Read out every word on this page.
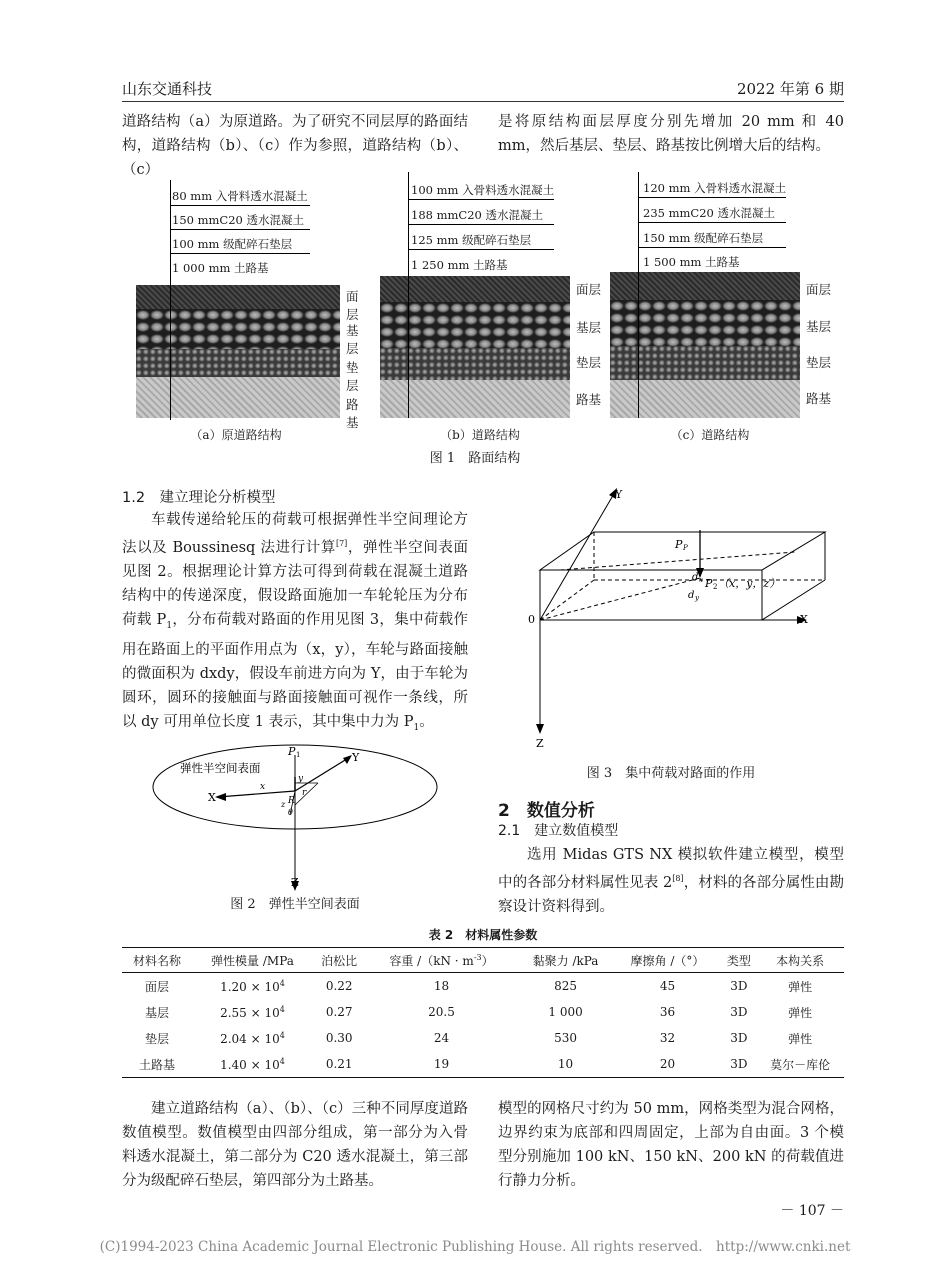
山东交通科技	2022 年第 6 期
道路结构（a）为原道路。为了研究不同层厚的路面结构，道路结构（b）、（c）作为参照，道路结构（b）、（c）
是将原结构面层厚度分别先增加 20 mm 和 40 mm，然后基层、垫层、路基按比例增大后的结构。
80 mm 入骨料透水混凝土
150 mmC20 透水混凝土
100 mm 级配碎石垫层
1 000 mm 土路基
面层
基层
垫层
路基
（a）原道路结构
100 mm 入骨料透水混凝土
188 mmC20 透水混凝土
125 mm 级配碎石垫层
1 250 mm 土路基
面层
基层
垫层
路基
（b）道路结构
120 mm 入骨料透水混凝土
235 mmC20 透水混凝土
150 mm 级配碎石垫层
1 500 mm 土路基
面层
基层
垫层
路基
（c）道路结构
图 1　路面结构
1.2　建立理论分析模型
车载传递给轮压的荷载可根据弹性半空间理论方法以及 Boussinesq 法进行计算[7]，弹性半空间表面见图 2。根据理论计算方法可得到荷载在混凝土道路结构中的传递深度，假设路面施加一车轮轮压为分布荷载 $P_1$，分布荷载对路面的作用见图 3，集中荷载作用在路面上的平面作用点为（x，y），车轮与路面接触的微面积为 dxdy，假设车前进方向为 Y，由于车轮为圆环，圆环的接触面与路面接触面可视作一条线，所以 dy 可用单位长度 1 表示，其中集中力为 $P_1$。
弹性半空间表面
P 1
X
Y
Z
x
y
r
R
z
θ
图 2　弹性半空间表面
Y
X
Z
0
P P
P 2 （x，y，z）
d x
d y
图 3　集中荷载对路面的作用
2　数值分析
2.1　建立数值模型
选用 Midas GTS NX 模拟软件建立模型，模型中的各部分材料属性见表 2[8]，材料的各部分属性由勘察设计资料得到。
表 2　材料属性参数
材料名称	弹性模量 /MPa	泊松比	容重 $/(kN \cdot m^{-3})$	黏聚力 /kPa	摩擦角 /（°）	类型	本构关系
面层	$1.20 \times 10^4$	0.22	18	825	45	3D	弹性
基层	$2.55 \times 10^4$	0.27	20.5	1 000	36	3D	弹性
垫层	$2.04 \times 10^4$	0.30	24	530	32	3D	弹性
土路基	$1.40 \times 10^4$	0.21	19	10	20	3D	莫尔－库伦
建立道路结构（a）、（b）、（c）三种不同厚度道路数值模型。数值模型由四部分组成，第一部分为入骨料透水混凝土，第二部分为 C20 透水混凝土，第三部分为级配碎石垫层，第四部分为土路基。
模型的网格尺寸约为 50 mm，网格类型为混合网格，边界约束为底部和四周固定，上部为自由面。3 个模型分别施加 100 kN、150 kN、200 kN 的荷载值进行静力分析。
－ 107 －
(C)1994-2023 China Academic Journal Electronic Publishing House. All rights reserved.　http://www.cnki.net
